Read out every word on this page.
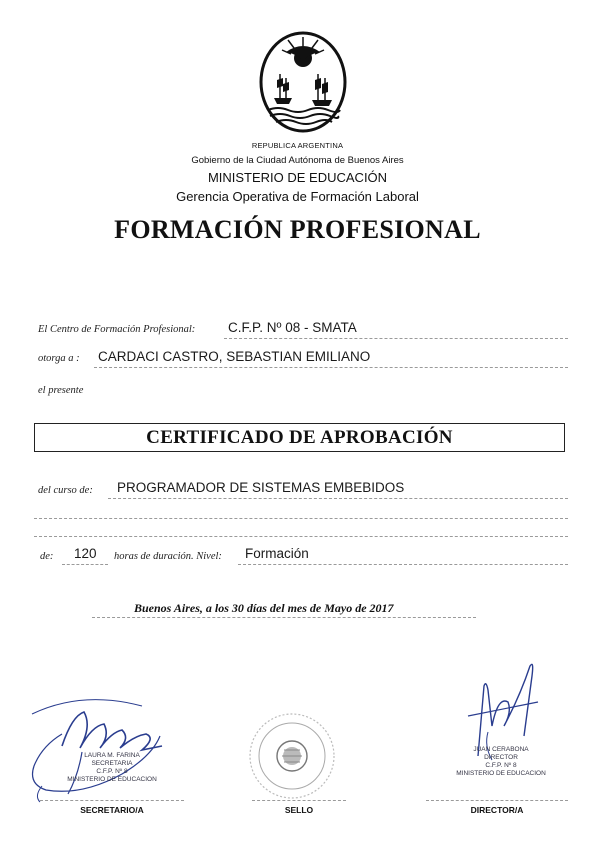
REPUBLICA ARGENTINA
Gobierno de la Ciudad Autónoma de Buenos Aires
MINISTERIO DE EDUCACIÓN
Gerencia Operativa de Formación Laboral
FORMACIÓN PROFESIONAL
El Centro de Formación Profesional: C.F.P. Nº 08 - SMATA
otorga a : CARDACI CASTRO, SEBASTIAN EMILIANO
el presente
CERTIFICADO DE APROBACIÓN
del curso de: PROGRAMADOR DE SISTEMAS EMBEBIDOS
de: 120 horas de duración. Nivel: Formación
Buenos Aires, a los 30 días del mes de Mayo de 2017
LAURA M. FARINA
SECRETARIA
C.F.P. Nº 8
MINISTERIO DE EDUCACION
SECRETARIO/A	SELLO
JUAN CERABONA
DIRECTOR
C.F.P. Nº 8
MINISTERIO DE EDUCACION
DIRECTOR/A
